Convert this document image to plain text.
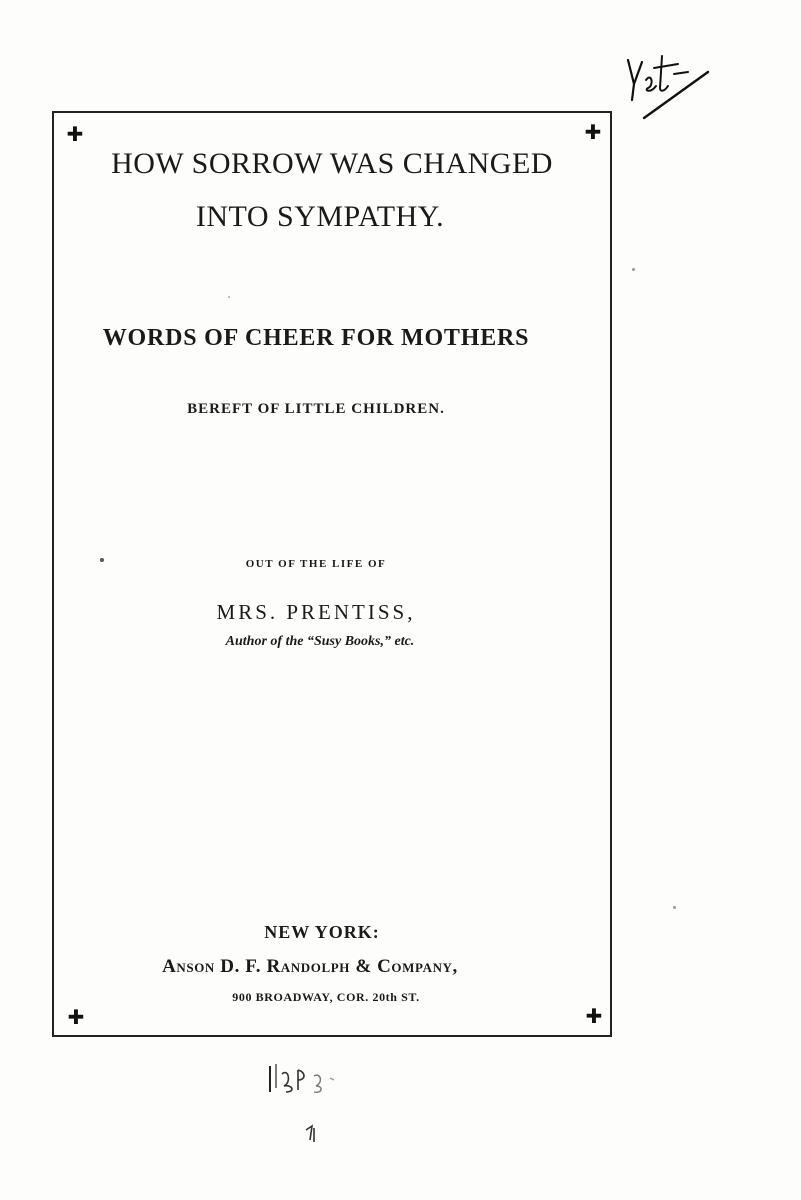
✚	✚
✚	✚
HOW SORROW WAS CHANGED
INTO SYMPATHY.
WORDS OF CHEER FOR MOTHERS
BEREFT OF LITTLE CHILDREN.
OUT OF THE LIFE OF
MRS. PRENTISS,
Author of the “Susy Books,” etc.
NEW YORK:
Anson D. F. Randolph & Company,
900 BROADWAY, COR. 20th ST.
